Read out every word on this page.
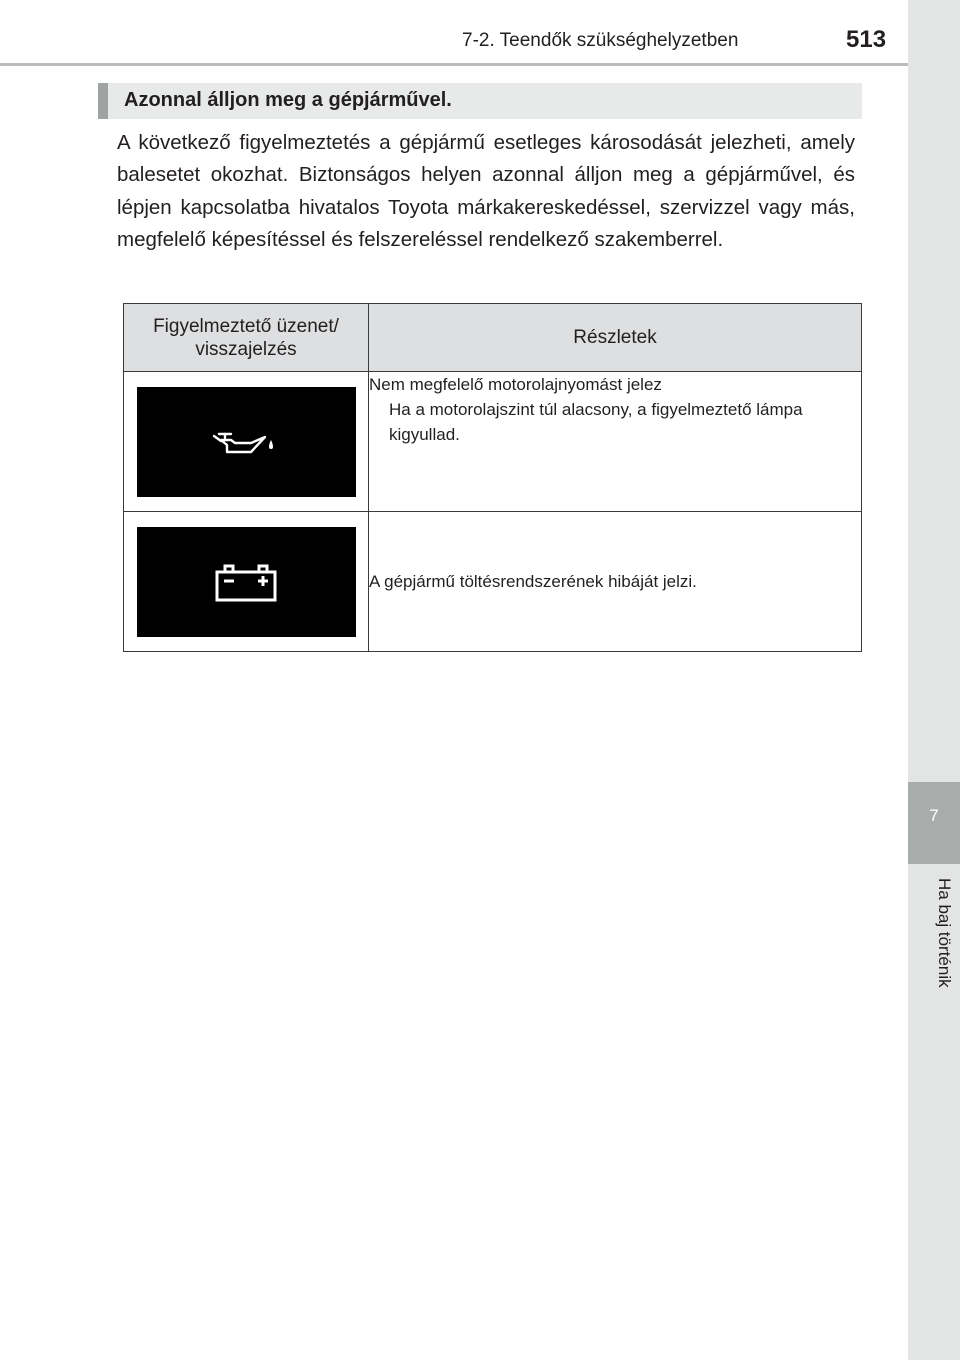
7
Ha baj történik
7-2. Teendők szükséghelyzetben	513
Azonnal álljon meg a gépjárművel.

A következő figyelmeztetés a gépjármű esetleges károsodását jelezheti, amely balesetet okozhat. Biztonságos helyen azonnal álljon meg a gépjárművel, és lépjen kapcsolatba hivatalos Toyota márkakereskedéssel, szervizzel vagy más, megfelelő képesítéssel és felszereléssel rendelkező szakemberrel.

Figyelmeztető üzenet/ visszajelzés	Részletek

Nem megfelelő motorolajnyomást jelez
Ha a motorolajszint túl alacsony, a figyelmeztető lámpa kigyullad.

A gépjármű töltésrendszerének hibáját jelzi.
